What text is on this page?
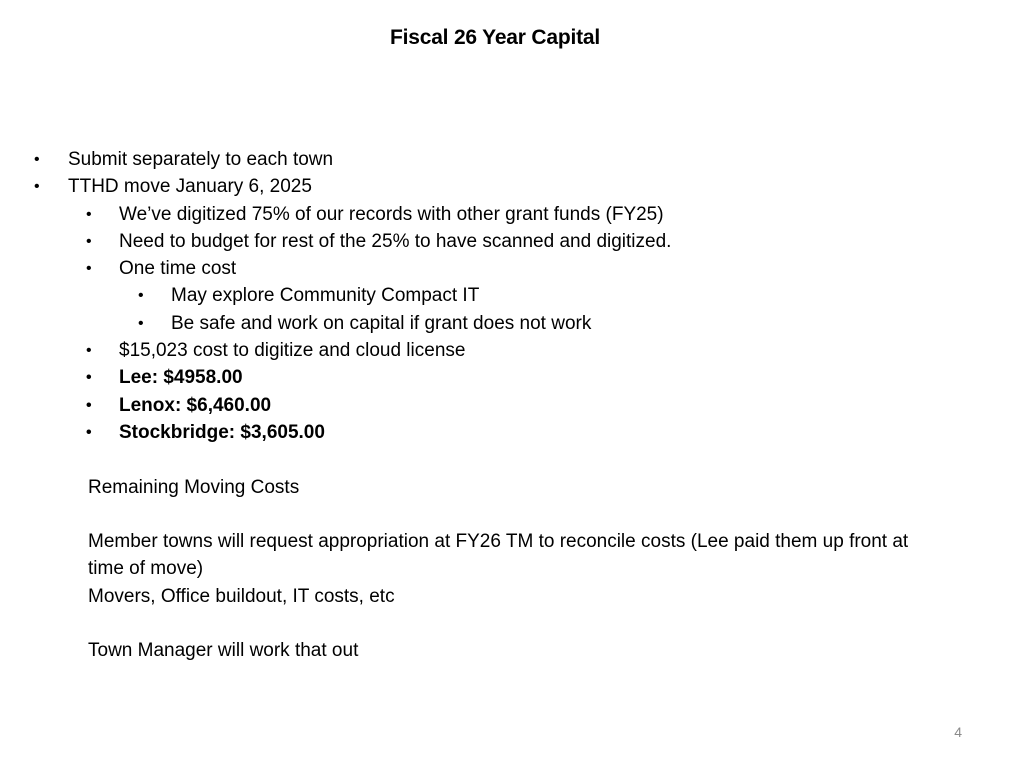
Fiscal 26 Year Capital
• Submit separately to each town
• TTHD move January 6, 2025
• We’ve digitized 75% of our records with other grant funds (FY25)
• Need to budget for rest of the 25% to have scanned and digitized.
• One time cost
• May explore Community Compact IT
• Be safe and work on capital if grant does not work
• $15,023 cost to digitize and cloud license
• Lee: $4958.00
• Lenox: $6,460.00
• Stockbridge: $3,605.00
Remaining Moving Costs
Member towns will request appropriation at FY26 TM to reconcile costs (Lee paid them up front at time of move)
Movers, Office buildout, IT costs, etc
Town Manager will work that out
4
